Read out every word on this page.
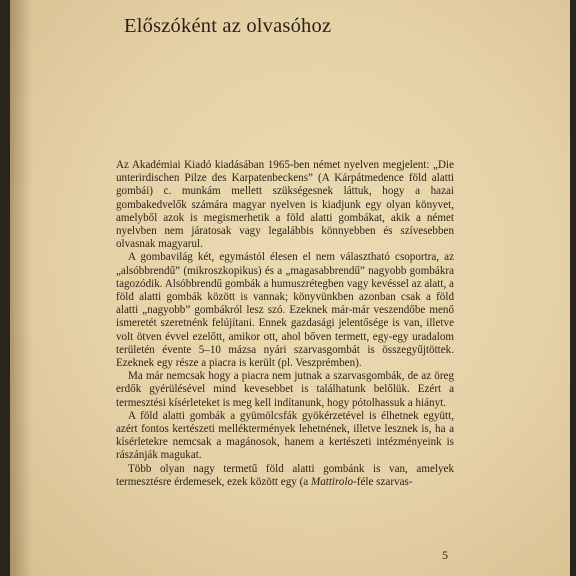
Előszóként az olvasóhoz

Az Akadémiai Kiadó kiadásában 1965-ben német nyelven megjelent: „Die unterirdischen Pilze des Karpatenbeckens” (A Kárpátmedence föld alatti gombái) c. munkám mellett szükségesnek láttuk, hogy a hazai gombakedvelők számára magyar nyelven is kiadjunk egy olyan könyvet, amelyből azok is megismerhetik a föld alatti gombákat, akik a német nyelvben nem járatosak vagy legalábbis könnyebben és szívesebben olvasnak magyarul.

A gombavilág két, egymástól élesen el nem választható csoportra, az „alsóbbrendű” (mikroszkopikus) és a „magasabbrendű” nagyobb gombákra tagozódik. Alsóbbrendű gombák a humuszrétegben vagy kevéssel az alatt, a föld alatti gombák között is vannak; könyvünkben azonban csak a föld alatti „nagyobb” gombákról lesz szó. Ezeknek már-már veszendőbe menő ismeretét szeretnénk felújítani. Ennek gazdasági jelentősége is van, illetve volt ötven évvel ezelőtt, amikor ott, ahol bőven termett, egy-egy uradalom területén évente 5–10 mázsa nyári szarvasgombát is összegyűjtöttek. Ezeknek egy része a piacra is került (pl. Veszprémben).

Ma már nemcsak hogy a piacra nem jutnak a szarvasgombák, de az öreg erdők gyérülésével mind kevesebbet is találhatunk belőlük. Ezért a termesztési kísérleteket is meg kell indítanunk, hogy pótolhassuk a hiányt.

A föld alatti gombák a gyümölcsfák gyökérzetével is élhetnek együtt, azért fontos kertészeti melléktermények lehetnének, illetve lesznek is, ha a kísérletekre nemcsak a magánosok, hanem a kertészeti intézményeink is rászánják magukat.

Több olyan nagy termetű föld alatti gombánk is van, amelyek termesztésre érdemesek, ezek között egy (a Mattirolo-féle szarvas-

5
